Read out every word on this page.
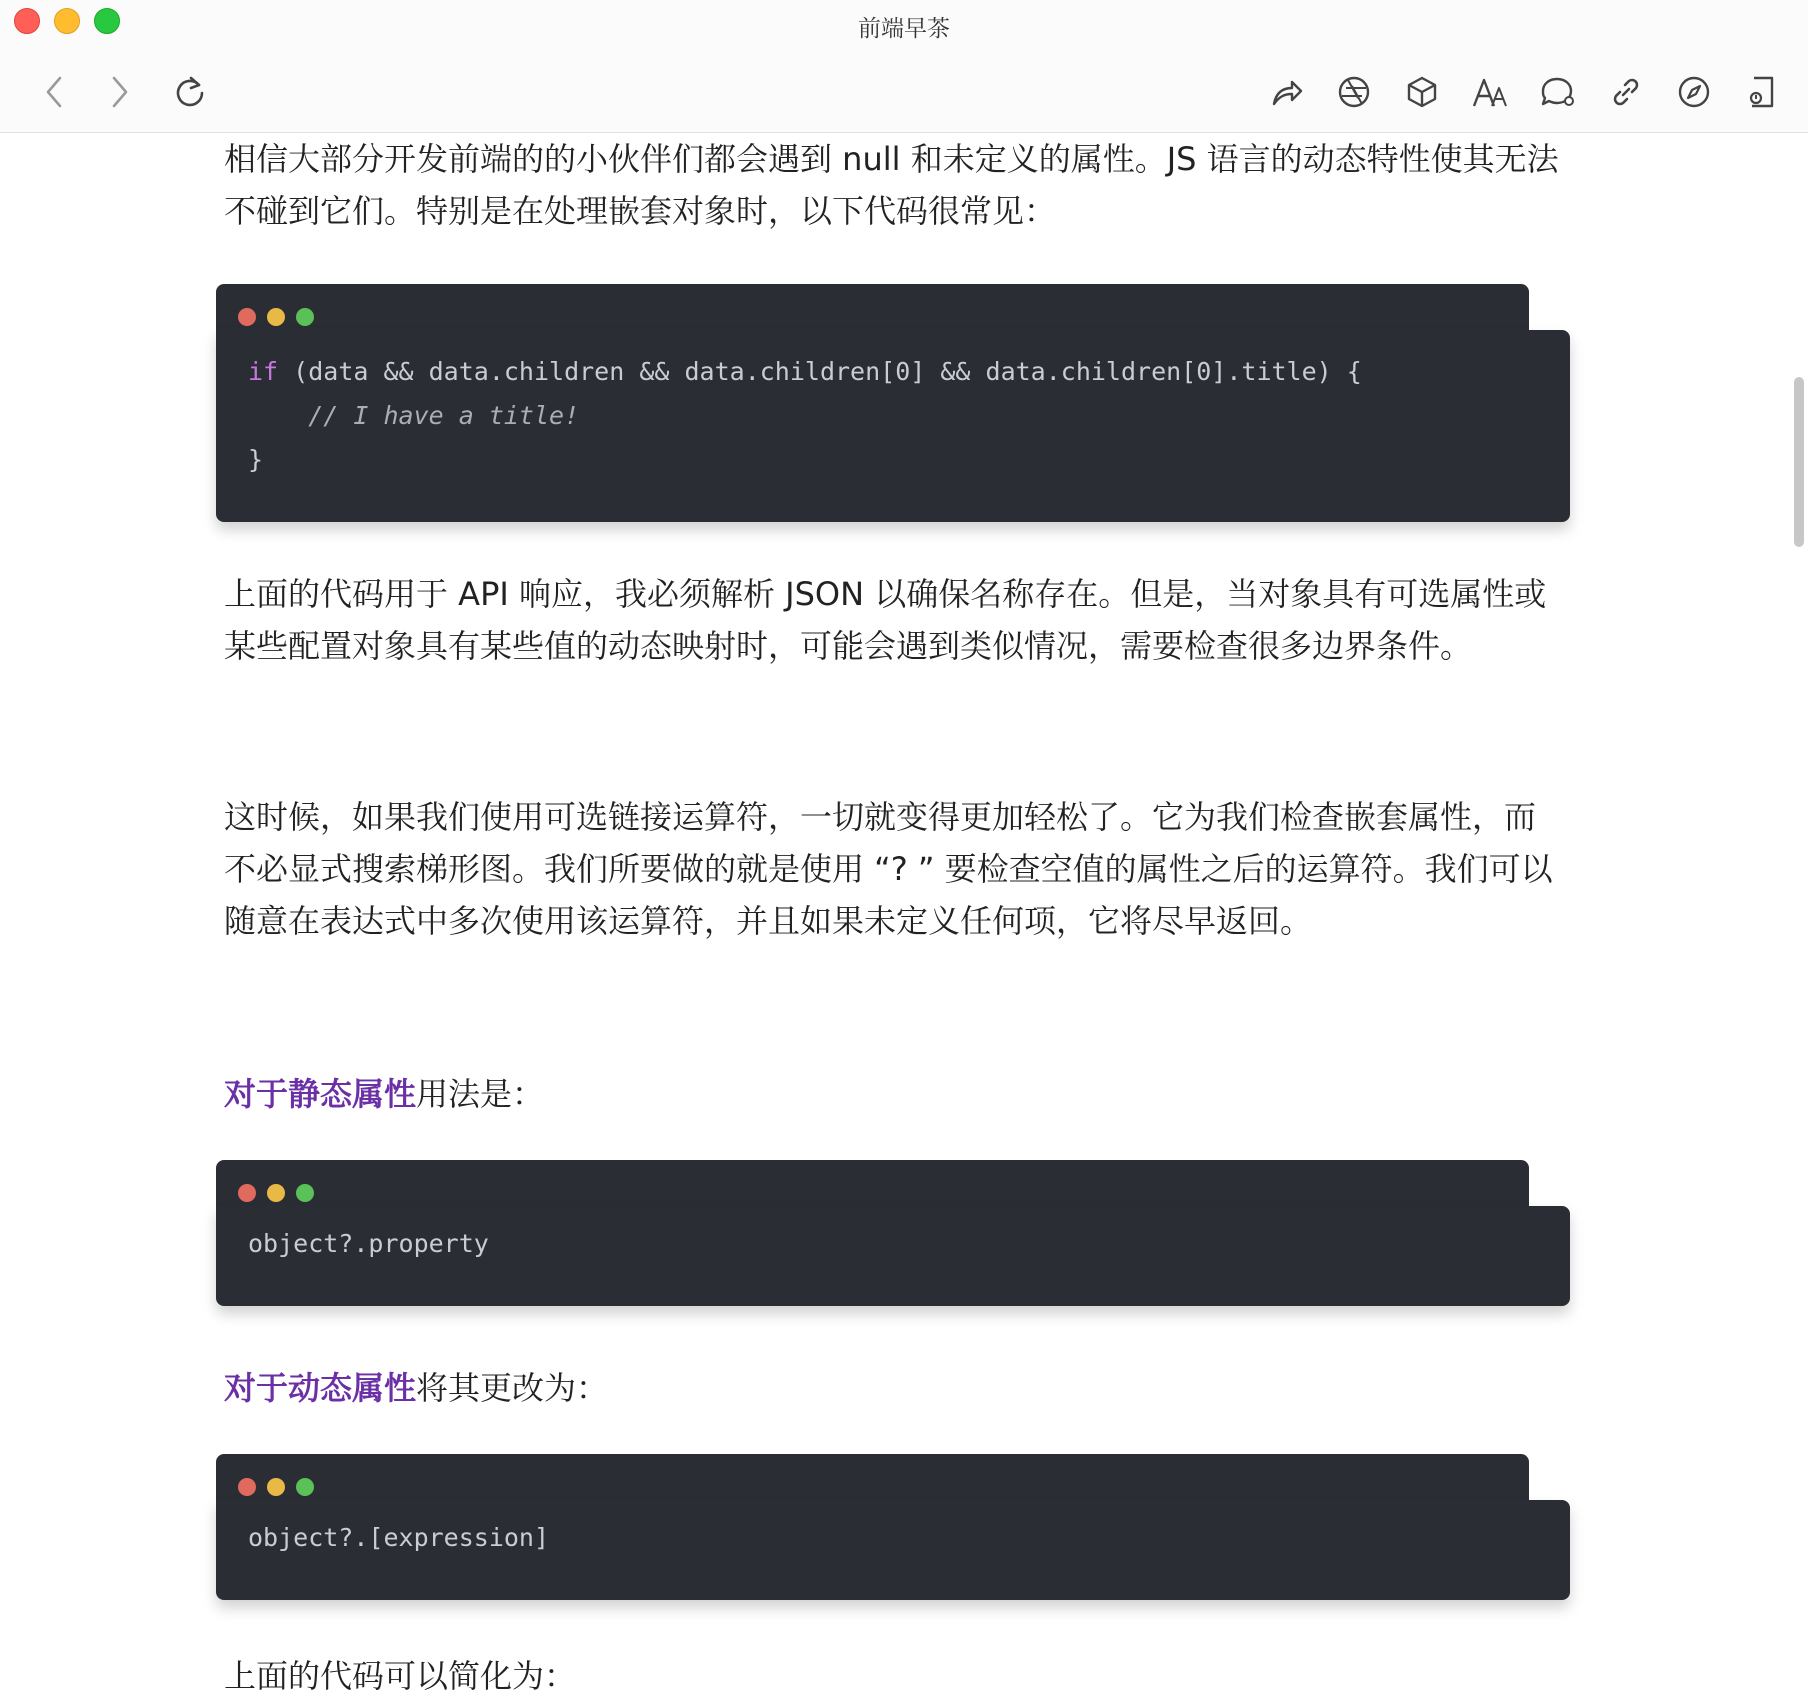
前端早茶

相信大部分开发前端的的小伙伴们都会遇到 null 和未定义的属性。JS 语言的动态特性使其无法不碰到它们。特别是在处理嵌套对象时，以下代码很常见：

if (data && data.children && data.children[0] && data.children[0].title) {
// I have a title!
}

上面的代码用于 API 响应，我必须解析 JSON 以确保名称存在。但是，当对象具有可选属性或某些配置对象具有某些值的动态映射时，可能会遇到类似情况，需要检查很多边界条件。

这时候，如果我们使用可选链接运算符，一切就变得更加轻松了。它为我们检查嵌套属性，而不必显式搜索梯形图。我们所要做的就是使用 “? ” 要检查空值的属性之后的运算符。我们可以随意在表达式中多次使用该运算符，并且如果未定义任何项，它将尽早返回。

对于静态属性用法是：

object?.property

对于动态属性将其更改为：

object?.[expression]

上面的代码可以简化为：
